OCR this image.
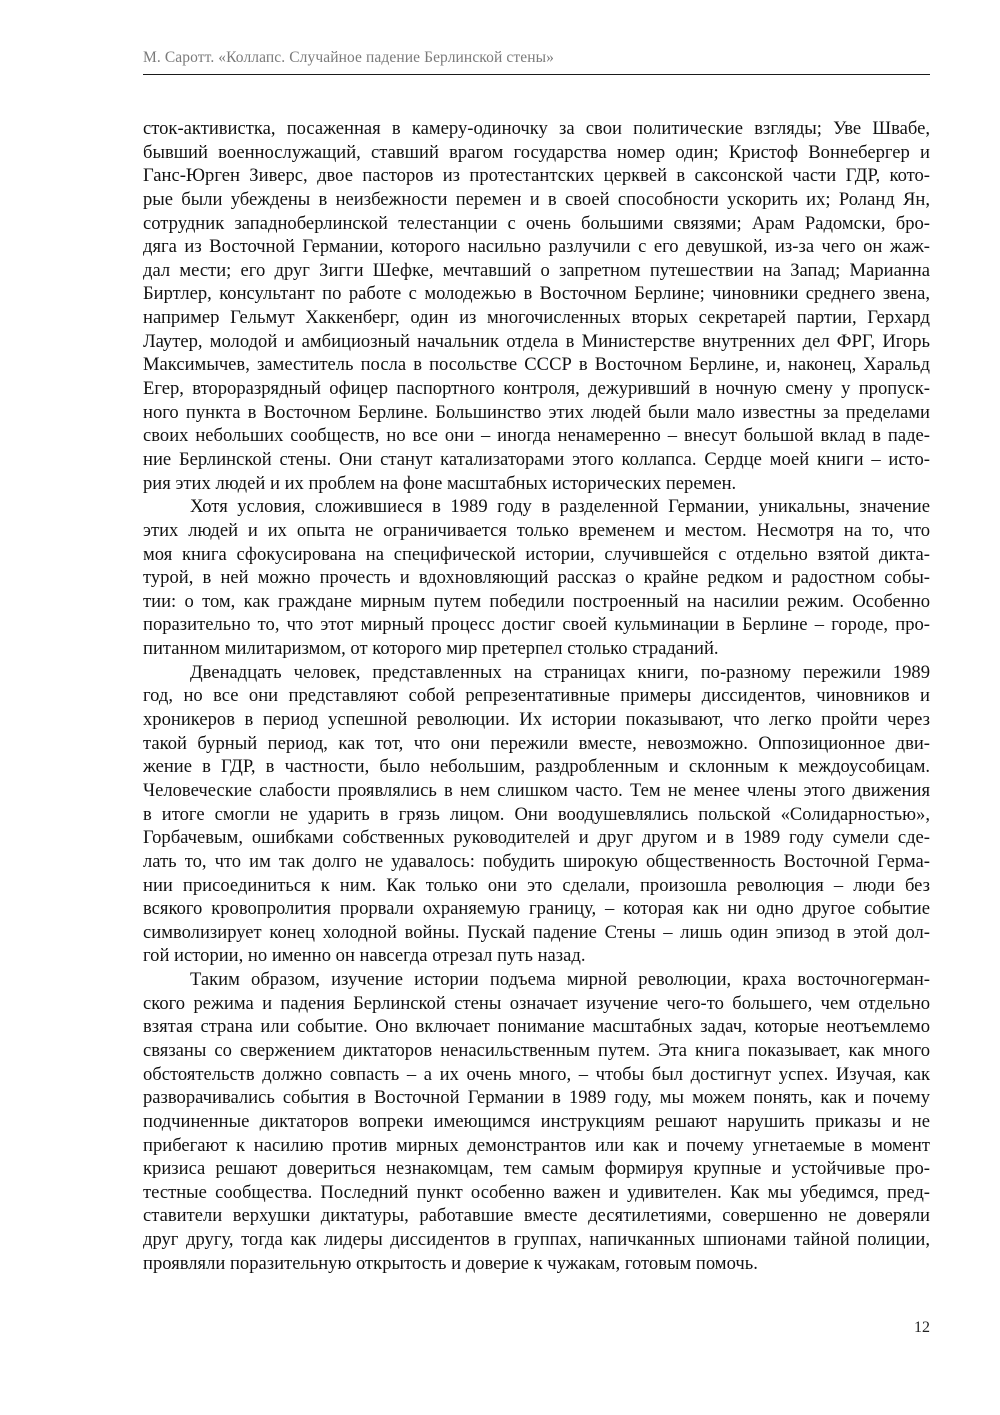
М. Саротт. «Коллапс. Случайное падение Берлинской стены»
сток-активистка, посаженная в камеру-одиночку за свои политические взгляды; Уве Швабе,
бывший военнослужащий, ставший врагом государства номер один; Кристоф Воннебергер и
Ганс-Юрген Зиверс, двое пасторов из протестантских церквей в саксонской части ГДР, кото-
рые были убеждены в неизбежности перемен и в своей способности ускорить их; Роланд Ян,
сотрудник западноберлинской телестанции с очень большими связями; Арам Радомски, бро-
дяга из Восточной Германии, которого насильно разлучили с его девушкой, из-за чего он жаж-
дал мести; его друг Зигги Шефке, мечтавший о запретном путешествии на Запад; Марианна
Биртлер, консультант по работе с молодежью в Восточном Берлине; чиновники среднего звена,
например Гельмут Хаккенберг, один из многочисленных вторых секретарей партии, Герхард
Лаутер, молодой и амбициозный начальник отдела в Министерстве внутренних дел ФРГ, Игорь
Максимычев, заместитель посла в посольстве СССР в Восточном Берлине, и, наконец, Харальд
Егер, второразрядный офицер паспортного контроля, дежуривший в ночную смену у пропуск-
ного пункта в Восточном Берлине. Большинство этих людей были мало известны за пределами
своих небольших сообществ, но все они – иногда ненамеренно – внесут большой вклад в паде-
ние Берлинской стены. Они станут катализаторами этого коллапса. Сердце моей книги – исто-
рия этих людей и их проблем на фоне масштабных исторических перемен.
Хотя условия, сложившиеся в 1989 году в разделенной Германии, уникальны, значение
этих людей и их опыта не ограничивается только временем и местом. Несмотря на то, что
моя книга сфокусирована на специфической истории, случившейся с отдельно взятой дикта-
турой, в ней можно прочесть и вдохновляющий рассказ о крайне редком и радостном собы-
тии: о том, как граждане мирным путем победили построенный на насилии режим. Особенно
поразительно то, что этот мирный процесс достиг своей кульминации в Берлине – городе, про-
питанном милитаризмом, от которого мир претерпел столько страданий.
Двенадцать человек, представленных на страницах книги, по-разному пережили 1989
год, но все они представляют собой репрезентативные примеры диссидентов, чиновников и
хроникеров в период успешной революции. Их истории показывают, что легко пройти через
такой бурный период, как тот, что они пережили вместе, невозможно. Оппозиционное дви-
жение в ГДР, в частности, было небольшим, раздробленным и склонным к междоусобицам.
Человеческие слабости проявлялись в нем слишком часто. Тем не менее члены этого движения
в итоге смогли не ударить в грязь лицом. Они воодушевлялись польской «Солидарностью»,
Горбачевым, ошибками собственных руководителей и друг другом и в 1989 году сумели сде-
лать то, что им так долго не удавалось: побудить широкую общественность Восточной Герма-
нии присоединиться к ним. Как только они это сделали, произошла революция – люди без
всякого кровопролития прорвали охраняемую границу, – которая как ни одно другое событие
символизирует конец холодной войны. Пускай падение Стены – лишь один эпизод в этой дол-
гой истории, но именно он навсегда отрезал путь назад.
Таким образом, изучение истории подъема мирной революции, краха восточногерман-
ского режима и падения Берлинской стены означает изучение чего-то большего, чем отдельно
взятая страна или событие. Оно включает понимание масштабных задач, которые неотъемлемо
связаны со свержением диктаторов ненасильственным путем. Эта книга показывает, как много
обстоятельств должно совпасть – а их очень много, – чтобы был достигнут успех. Изучая, как
разворачивались события в Восточной Германии в 1989 году, мы можем понять, как и почему
подчиненные диктаторов вопреки имеющимся инструкциям решают нарушить приказы и не
прибегают к насилию против мирных демонстрантов или как и почему угнетаемые в момент
кризиса решают довериться незнакомцам, тем самым формируя крупные и устойчивые про-
тестные сообщества. Последний пункт особенно важен и удивителен. Как мы убедимся, пред-
ставители верхушки диктатуры, работавшие вместе десятилетиями, совершенно не доверяли
друг другу, тогда как лидеры диссидентов в группах, напичканных шпионами тайной полиции,
проявляли поразительную открытость и доверие к чужакам, готовым помочь.
12
